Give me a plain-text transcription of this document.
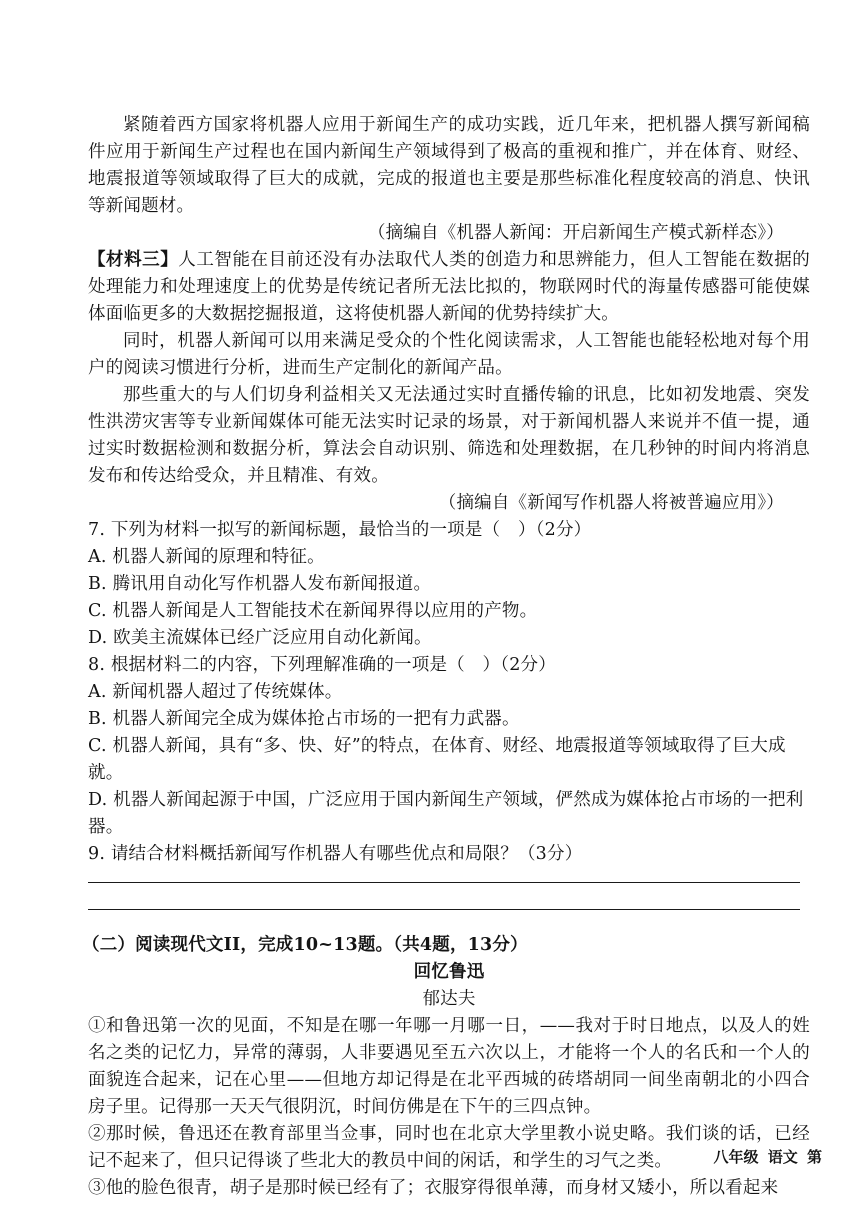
紧随着西方国家将机器人应用于新闻生产的成功实践，近几年来，把机器人撰写新闻稿件应用于新闻生产过程也在国内新闻生产领域得到了极高的重视和推广，并在体育、财经、地震报道等领域取得了巨大的成就，完成的报道也主要是那些标准化程度较高的消息、快讯等新闻题材。
（摘编自《机器人新闻：开启新闻生产模式新样态》）

【材料三】人工智能在目前还没有办法取代人类的创造力和思辨能力，但人工智能在数据的处理能力和处理速度上的优势是传统记者所无法比拟的，物联网时代的海量传感器可能使媒体面临更多的大数据挖掘报道，这将使机器人新闻的优势持续扩大。

同时，机器人新闻可以用来满足受众的个性化阅读需求，人工智能也能轻松地对每个用户的阅读习惯进行分析，进而生产定制化的新闻产品。

那些重大的与人们切身利益相关又无法通过实时直播传输的讯息，比如初发地震、突发性洪涝灾害等专业新闻媒体可能无法实时记录的场景，对于新闻机器人来说并不值一提，通过实时数据检测和数据分析，算法会自动识别、筛选和处理数据，在几秒钟的时间内将消息发布和传达给受众，并且精准、有效。
（摘编自《新闻写作机器人将被普遍应用》）

7. 下列为材料一拟写的新闻标题，最恰当的一项是（　）（2分）

A. 机器人新闻的原理和特征。

B. 腾讯用自动化写作机器人发布新闻报道。

C. 机器人新闻是人工智能技术在新闻界得以应用的产物。

D. 欧美主流媒体已经广泛应用自动化新闻。

8. 根据材料二的内容，下列理解准确的一项是（　）（2分）

A. 新闻机器人超过了传统媒体。

B. 机器人新闻完全成为媒体抢占市场的一把有力武器。

C. 机器人新闻，具有“多、快、好”的特点，在体育、财经、地震报道等领域取得了巨大成就。

D. 机器人新闻起源于中国，广泛应用于国内新闻生产领域，俨然成为媒体抢占市场的一把利器。

9. 请结合材料概括新闻写作机器人有哪些优点和局限？（3分）

（二）阅读现代文II，完成10~13题。（共4题，13分）

回忆鲁迅

郁达夫

①和鲁迅第一次的见面，不知是在哪一年哪一月哪一日，——我对于时日地点，以及人的姓名之类的记忆力，异常的薄弱，人非要遇见至五六次以上，才能将一个人的名氏和一个人的面貌连合起来，记在心里——但地方却记得是在北平西城的砖塔胡同一间坐南朝北的小四合房子里。记得那一天天气很阴沉，时间仿佛是在下午的三四点钟。

②那时候，鲁迅还在教育部里当佥事，同时也在北京大学里教小说史略。我们谈的话，已经记不起来了，但只记得谈了些北大的教员中间的闲话，和学生的习气之类。

③他的脸色很青，胡子是那时候已经有了；衣服穿得很单薄，而身材又矮小，所以看起来

八年级 语文 第
